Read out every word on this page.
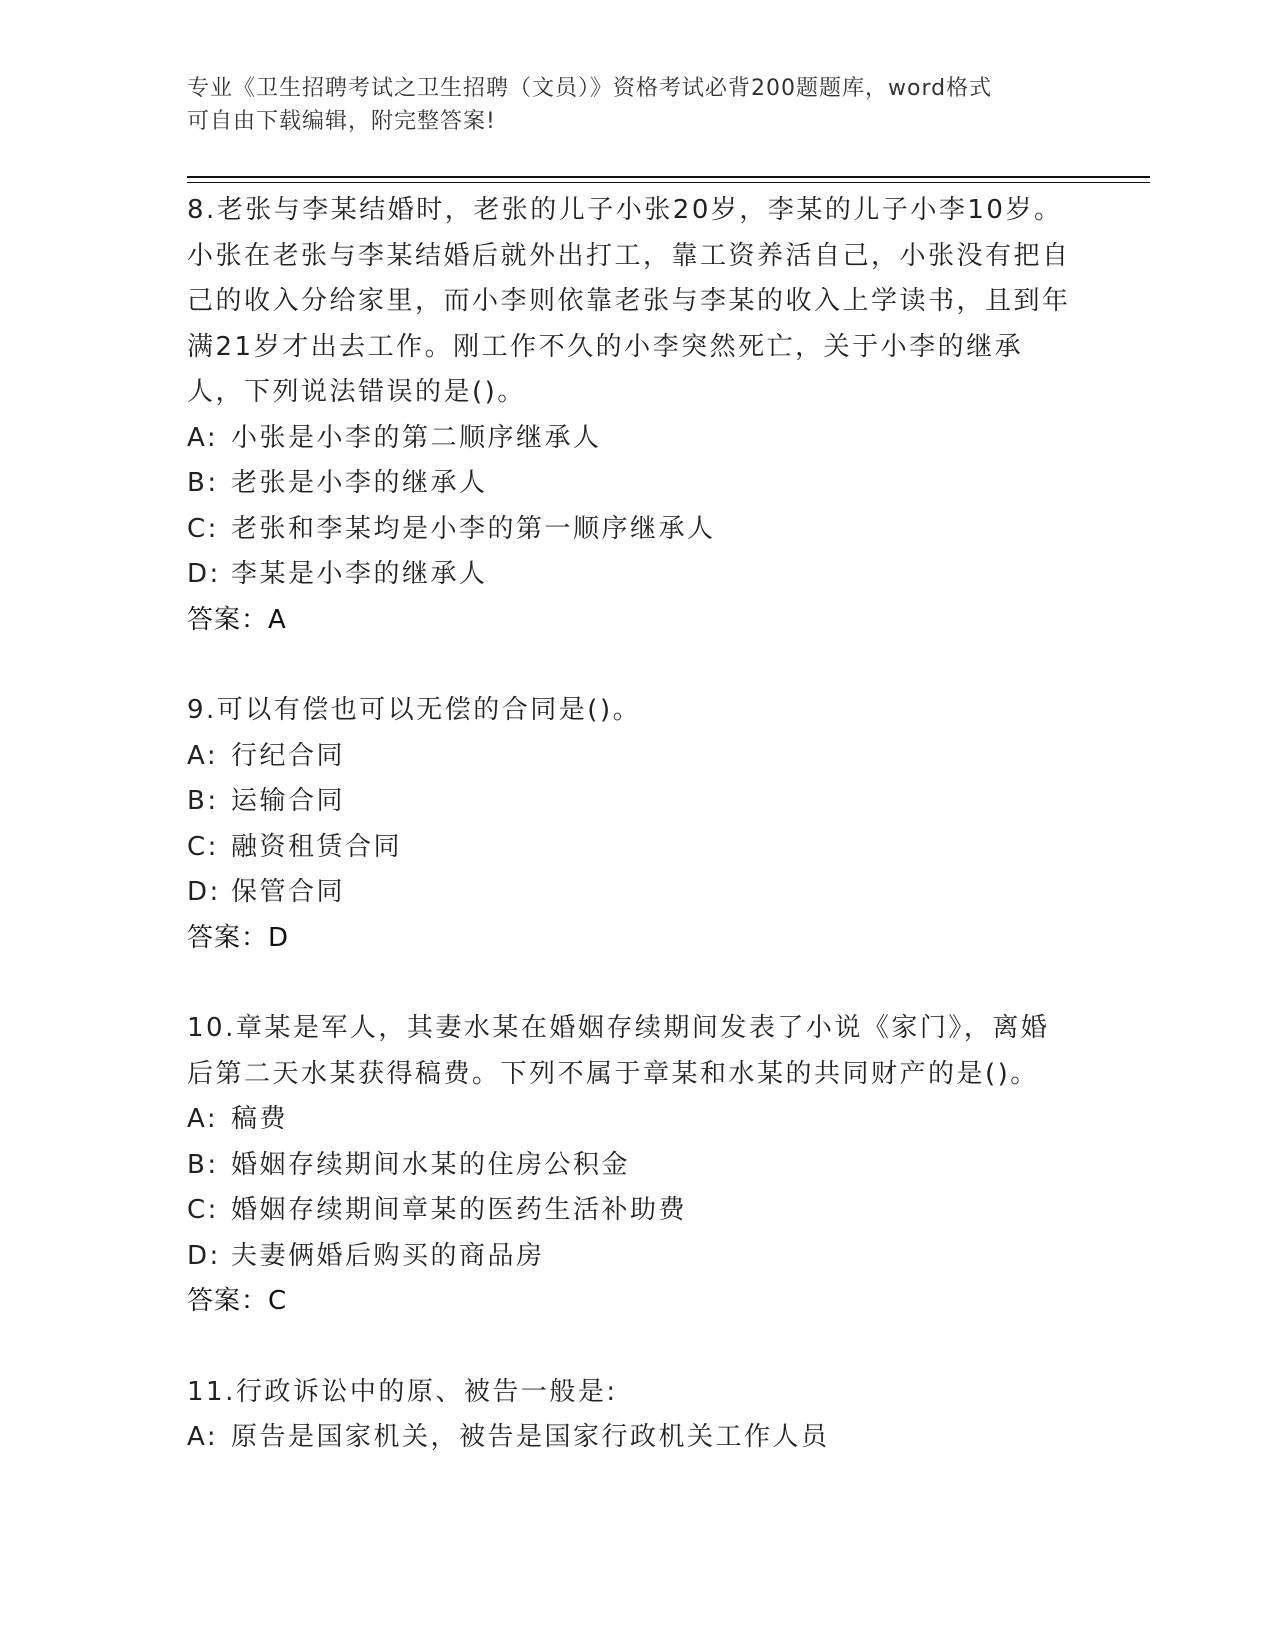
专业《卫生招聘考试之卫生招聘（文员）》资格考试必背200题题库，word格式
可自由下载编辑，附完整答案!

8.老张与李某结婚时，老张的儿子小张20岁，李某的儿子小李10岁。小张在老张与李某结婚后就外出打工，靠工资养活自己，小张没有把自己的收入分给家里，而小李则依靠老张与李某的收入上学读书，且到年满21岁才出去工作。刚工作不久的小李突然死亡，关于小李的继承人，下列说法错误的是()。

A: 小张是小李的第二顺序继承人

B: 老张是小李的继承人

C: 老张和李某均是小李的第一顺序继承人

D: 李某是小李的继承人

答案：A

9.可以有偿也可以无偿的合同是()。

A: 行纪合同

B: 运输合同

C: 融资租赁合同

D: 保管合同

答案：D

10.章某是军人，其妻水某在婚姻存续期间发表了小说《家门》，离婚后第二天水某获得稿费。下列不属于章某和水某的共同财产的是()。

A: 稿费

B: 婚姻存续期间水某的住房公积金

C: 婚姻存续期间章某的医药生活补助费

D: 夫妻俩婚后购买的商品房

答案：C

11.行政诉讼中的原、被告一般是:

A: 原告是国家机关，被告是国家行政机关工作人员
